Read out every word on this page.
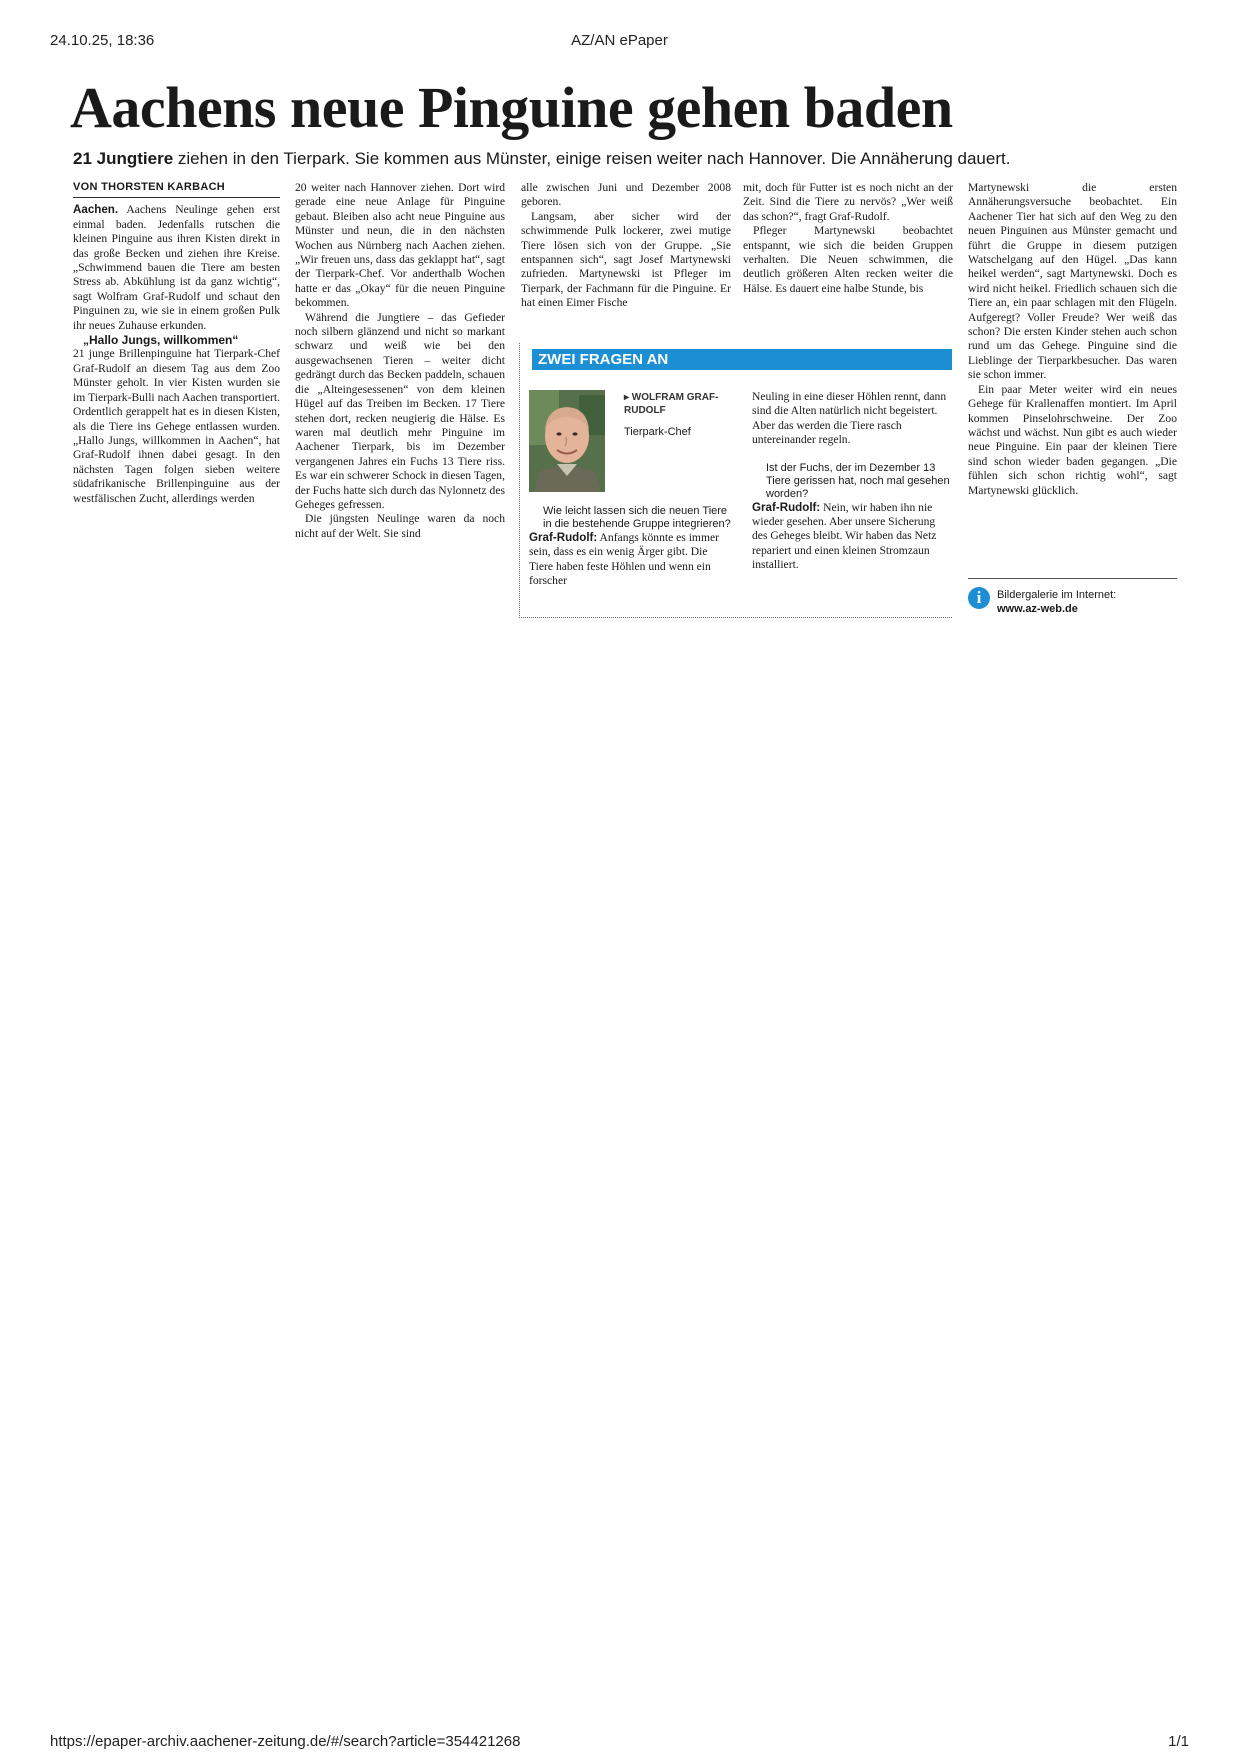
24.10.25, 18:36	AZ/AN ePaper
Aachens neue Pinguine gehen baden
21 Jungtiere ziehen in den Tierpark. Sie kommen aus Münster, einige reisen weiter nach Hannover. Die Annäherung dauert.
VON THORSTEN KARBACH

Aachen. Aachens Neulinge gehen erst einmal baden. Jedenfalls rutschen die kleinen Pinguine aus ihren Kisten direkt in das große Becken und ziehen ihre Kreise. „Schwimmend bauen die Tiere am besten Stress ab. Abkühlung ist da ganz wichtig“, sagt Wolfram Graf-Rudolf und schaut den Pinguinen zu, wie sie in einem großen Pulk ihr neues Zuhause erkunden.

„Hallo Jungs, willkommen“

21 junge Brillenpinguine hat Tierpark-Chef Graf-Rudolf an diesem Tag aus dem Zoo Münster geholt. In vier Kisten wurden sie im Tierpark-Bulli nach Aachen transportiert. Ordentlich gerappelt hat es in diesen Kisten, als die Tiere ins Gehege entlassen wurden. „Hallo Jungs, willkommen in Aachen“, hat Graf-Rudolf ihnen dabei gesagt. In den nächsten Tagen folgen sieben weitere südafrikanische Brillenpinguine aus der westfälischen Zucht, allerdings werden

20 weiter nach Hannover ziehen. Dort wird gerade eine neue Anlage für Pinguine gebaut. Bleiben also acht neue Pinguine aus Münster und neun, die in den nächsten Wochen aus Nürnberg nach Aachen ziehen. „Wir freuen uns, dass das geklappt hat“, sagt der Tierpark-Chef. Vor anderthalb Wochen hatte er das „Okay“ für die neuen Pinguine bekommen.

Während die Jungtiere – das Gefieder noch silbern glänzend und nicht so markant schwarz und weiß wie bei den ausgewachsenen Tieren – weiter dicht gedrängt durch das Becken paddeln, schauen die „Alteingesessenen“ von dem kleinen Hügel auf das Treiben im Becken. 17 Tiere stehen dort, recken neugierig die Hälse. Es waren mal deutlich mehr Pinguine im Aachener Tierpark, bis im Dezember vergangenen Jahres ein Fuchs 13 Tiere riss. Es war ein schwerer Schock in diesen Tagen, der Fuchs hatte sich durch das Nylonnetz des Geheges gefressen.

Die jüngsten Neulinge waren da noch nicht auf der Welt. Sie sind

alle zwischen Juni und Dezember 2008 geboren.

Langsam, aber sicher wird der schwimmende Pulk lockerer, zwei mutige Tiere lösen sich von der Gruppe. „Sie entspannen sich“, sagt Josef Martynewski zufrieden. Martynewski ist Pfleger im Tierpark, der Fachmann für die Pinguine. Er hat einen Eimer Fische

mit, doch für Futter ist es noch nicht an der Zeit. Sind die Tiere zu nervös? „Wer weiß das schon?“, fragt Graf-Rudolf.

Pfleger Martynewski beobachtet entspannt, wie sich die beiden Gruppen verhalten. Die Neuen schwimmen, die deutlich größeren Alten recken weiter die Hälse. Es dauert eine halbe Stunde, bis

Martynewski die ersten Annäherungsversuche beobachtet. Ein Aachener Tier hat sich auf den Weg zu den neuen Pinguinen aus Münster gemacht und führt die Gruppe in diesem putzigen Watschelgang auf den Hügel. „Das kann heikel werden“, sagt Martynewski. Doch es wird nicht heikel. Friedlich schauen sich die Tiere an, ein paar schlagen mit den Flügeln. Aufgeregt? Voller Freude? Wer weiß das schon? Die ersten Kinder stehen auch schon rund um das Gehege. Pinguine sind die Lieblinge der Tierparkbesucher. Das waren sie schon immer.

Ein paar Meter weiter wird ein neues Gehege für Krallenaffen montiert. Im April kommen Pinselohrschweine. Der Zoo wächst und wächst. Nun gibt es auch wieder neue Pinguine. Ein paar der kleinen Tiere sind schon wieder baden gegangen. „Die fühlen sich schon richtig wohl“, sagt Martynewski glücklich.

ZWEI FRAGEN AN
▸ WOLFRAM GRAF-RUDOLF
Tierpark-Chef
Wie leicht lassen sich die neuen Tiere in die bestehende Gruppe integrieren?
Graf-Rudolf: Anfangs könnte es immer sein, dass es ein wenig Ärger gibt. Die Tiere haben feste Höhlen und wenn ein forscher
Neuling in eine dieser Höhlen rennt, dann sind die Alten natürlich nicht begeistert. Aber das werden die Tiere rasch untereinander regeln.
Ist der Fuchs, der im Dezember 13 Tiere gerissen hat, noch mal gesehen worden?
Graf-Rudolf: Nein, wir haben ihn nie wieder gesehen. Aber unsere Sicherung des Geheges bleibt. Wir haben das Netz repariert und einen kleinen Stromzaun installiert.
i	Bildergalerie im Internet:
www.az-web.de
https://epaper-archiv.aachener-zeitung.de/#/search?article=354421268	1/1
